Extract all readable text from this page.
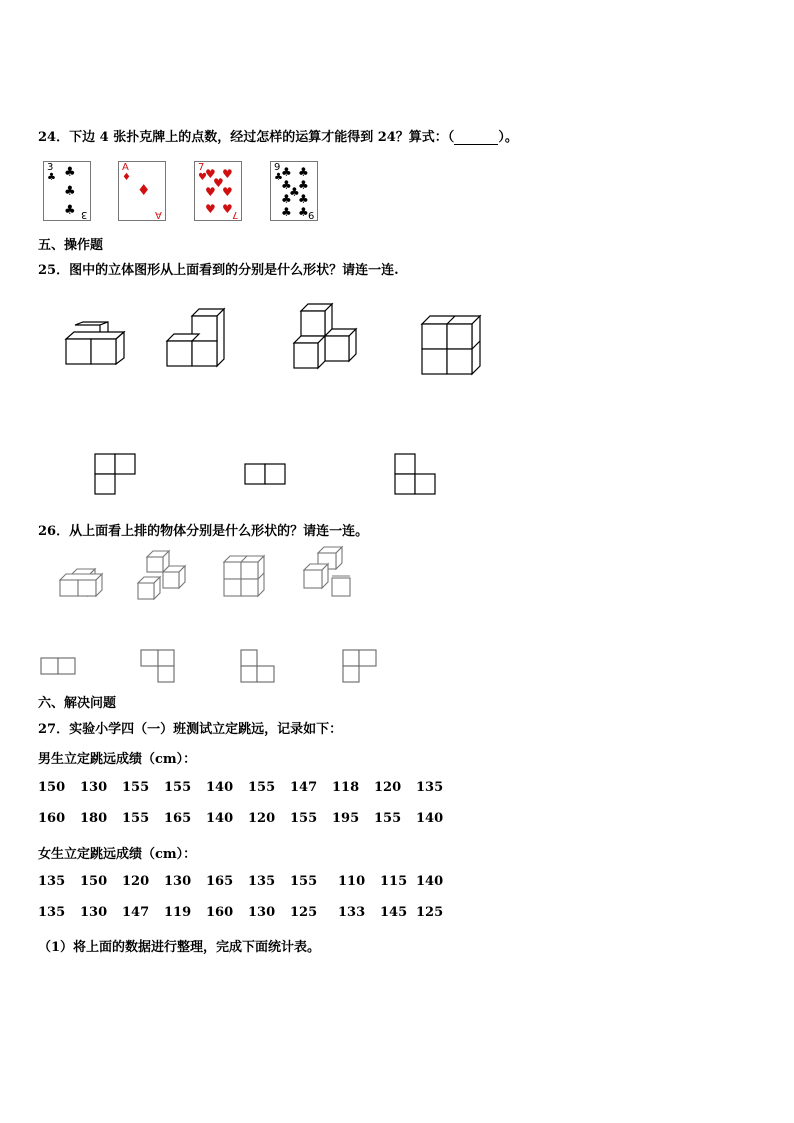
24．下边 4 张扑克牌上的点数，经过怎样的运算才能得到 24？算式：（	）。
3
♣ ♣
♣
♣ 3
A
♦
♦
A
7
♥
♥ ♥
♥
♥ ♥
♥ ♥
7
9
♣
♣ ♣
♣ ♣
♣
♣ ♣
♣ ♣
9
五、操作题
25．图中的立体图形从上面看到的分别是什么形状？请连一连.
26．从上面看上排的物体分别是什么形状的？请连一连。
六、解决问题
27．实验小学四（一）班测试立定跳远，记录如下：
男生立定跳远成绩（cm）：
150 130 155 155 140 155 147 118 120 135
160 180 155 165 140 120 155 195 155 140
女生立定跳远成绩（cm）：
135 150 120 130 165 135 155 110 115 140
135 130 147 119 160 130 125 133 145 125
（1）将上面的数据进行整理，完成下面统计表。
